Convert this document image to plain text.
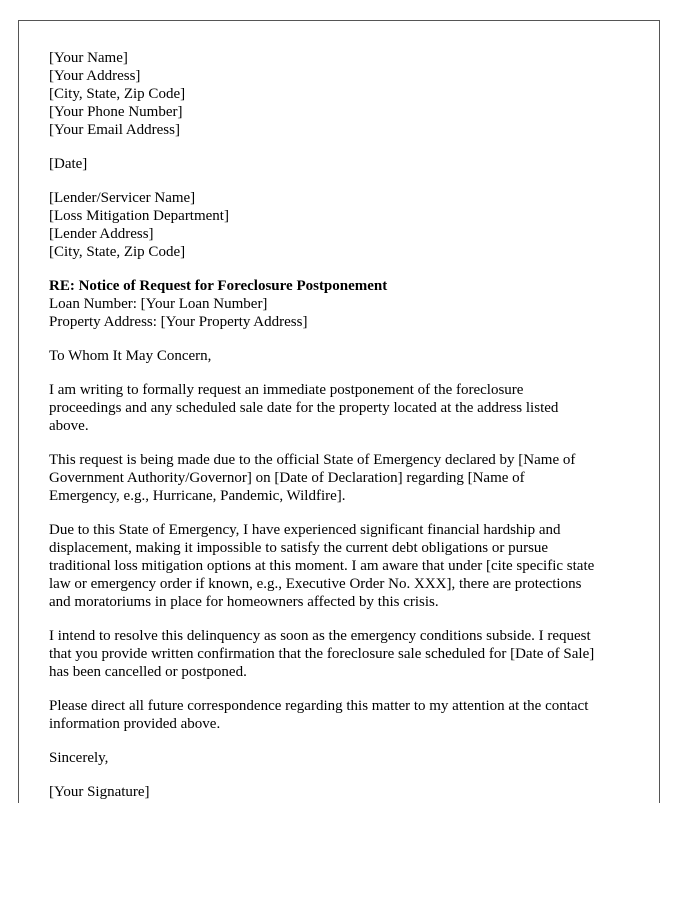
[Your Name]
[Your Address]
[City, State, Zip Code]
[Your Phone Number]
[Your Email Address]
[Date]
[Lender/Servicer Name]
[Loss Mitigation Department]
[Lender Address]
[City, State, Zip Code]
RE: Notice of Request for Foreclosure Postponement
Loan Number: [Your Loan Number]
Property Address: [Your Property Address]
To Whom It May Concern,
I am writing to formally request an immediate postponement of the foreclosure
proceedings and any scheduled sale date for the property located at the address listed
above.
This request is being made due to the official State of Emergency declared by [Name of
Government Authority/Governor] on [Date of Declaration] regarding [Name of
Emergency, e.g., Hurricane, Pandemic, Wildfire].
Due to this State of Emergency, I have experienced significant financial hardship and
displacement, making it impossible to satisfy the current debt obligations or pursue
traditional loss mitigation options at this moment. I am aware that under [cite specific state
law or emergency order if known, e.g., Executive Order No. XXX], there are protections
and moratoriums in place for homeowners affected by this crisis.
I intend to resolve this delinquency as soon as the emergency conditions subside. I request
that you provide written confirmation that the foreclosure sale scheduled for [Date of Sale]
has been cancelled or postponed.
Please direct all future correspondence regarding this matter to my attention at the contact
information provided above.
Sincerely,
[Your Signature]
